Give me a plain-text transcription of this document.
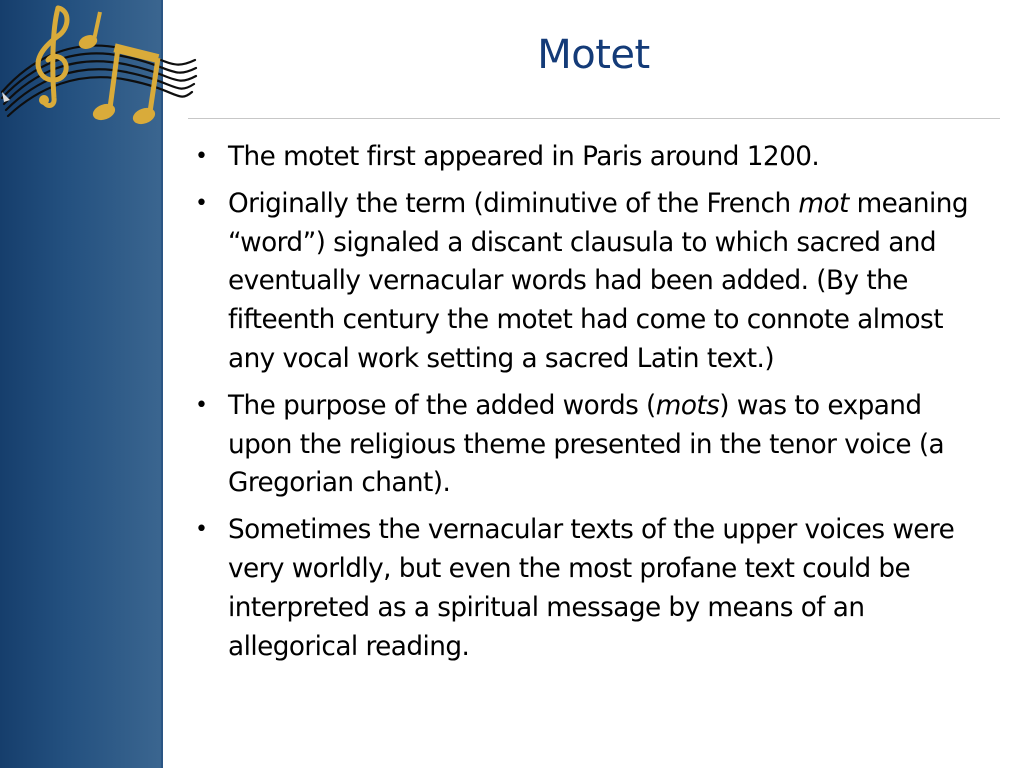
Motet
• The motet first appeared in Paris around 1200.
• Originally the term (diminutive of the French mot meaning “word”) signaled a discant clausula to which sacred and eventually vernacular words had been added. (By the fifteenth century the motet had come to connote almost any vocal work setting a sacred Latin text.)
• The purpose of the added words (mots) was to expand upon the religious theme presented in the tenor voice (a Gregorian chant).
• Sometimes the vernacular texts of the upper voices were very worldly, but even the most profane text could be interpreted as a spiritual message by means of an allegorical reading.
